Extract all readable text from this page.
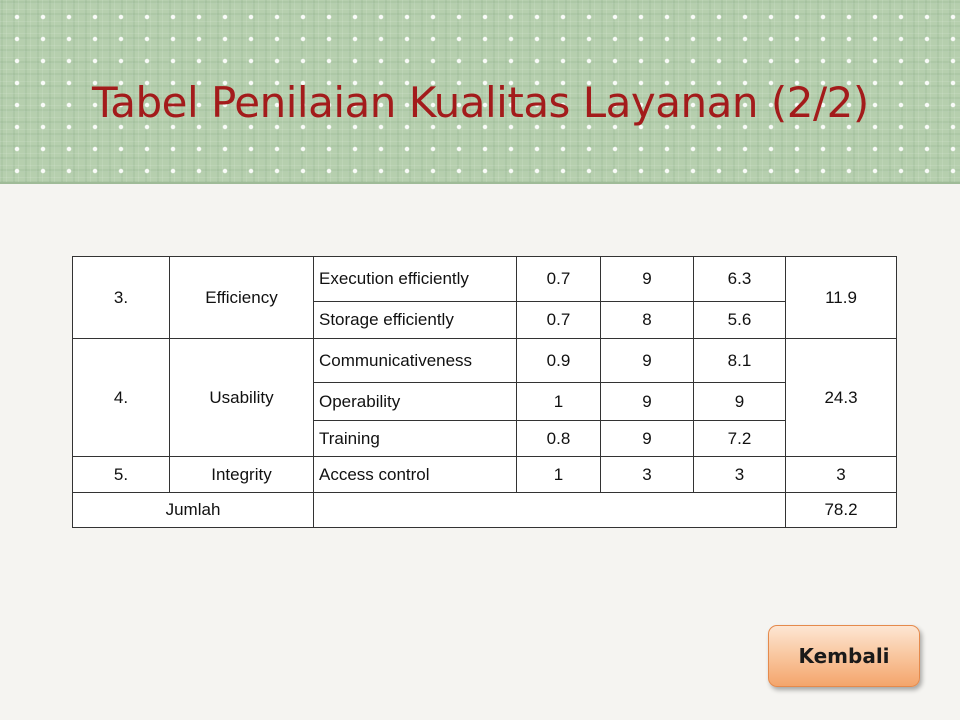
Tabel Penilaian Kualitas Layanan (2/2)
3.	Efficiency	Execution efficiently	0.7	9	6.3	11.9
		Storage efficiently	0.7	8	5.6	
4.	Usability	Communicativeness	0.9	9	8.1	24.3
		Operability	1	9	9	
		Training	0.8	9	7.2	
5.	Integrity	Access control	1	3	3	3
Jumlah						78.2
Kembali
